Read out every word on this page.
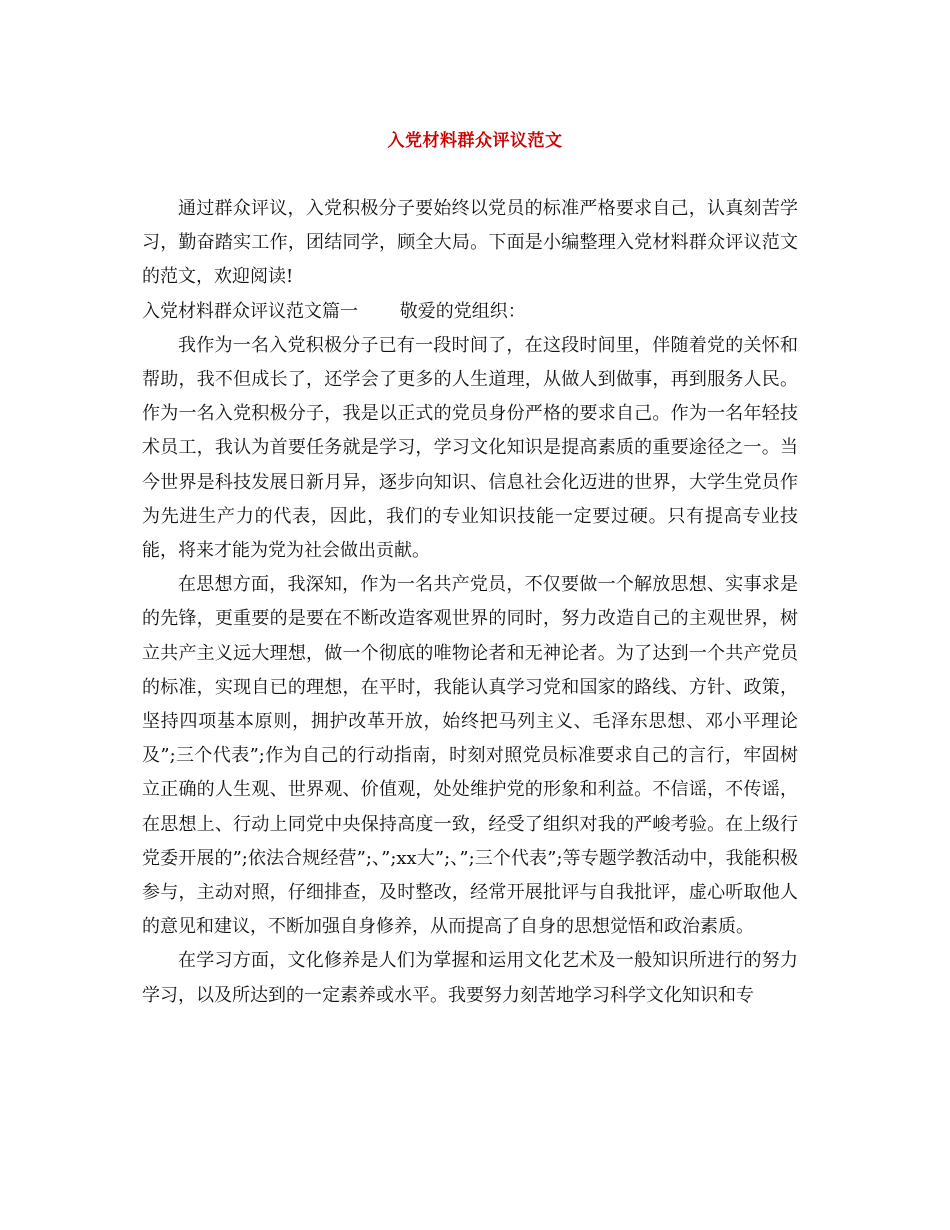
入党材料群众评议范文

通过群众评议，入党积极分子要始终以党员的标准严格要求自己，认真刻苦学习，勤奋踏实工作，团结同学，顾全大局。下面是小编整理入党材料群众评议范文的范文，欢迎阅读!

入党材料群众评议范文篇一　　 敬爱的党组织：

我作为一名入党积极分子已有一段时间了，在这段时间里，伴随着党的关怀和帮助，我不但成长了，还学会了更多的人生道理，从做人到做事，再到服务人民。作为一名入党积极分子，我是以正式的党员身份严格的要求自己。作为一名年轻技术员工，我认为首要任务就是学习，学习文化知识是提高素质的重要途径之一。当今世界是科技发展日新月异，逐步向知识、信息社会化迈进的世界，大学生党员作为先进生产力的代表，因此，我们的专业知识技能一定要过硬。只有提高专业技能，将来才能为党为社会做出贡献。

在思想方面，我深知，作为一名共产党员，不仅要做一个解放思想、实事求是的先锋，更重要的是要在不断改造客观世界的同时，努力改造自己的主观世界，树立共产主义远大理想，做一个彻底的唯物论者和无神论者。为了达到一个共产党员的标准，实现自已的理想，在平时，我能认真学习党和国家的路线、方针、政策，坚持四项基本原则，拥护改革开放，始终把马列主义、毛泽东思想、邓小平理论及”;三个代表”;作为自己的行动指南，时刻对照党员标准要求自己的言行，牢固树立正确的人生观、世界观、价值观，处处维护党的形象和利益。不信谣，不传谣，在思想上、行动上同党中央保持高度一致，经受了组织对我的严峻考验。在上级行党委开展的”;依法合规经营”;、”;xx大”;、”;三个代表”;等专题学教活动中，我能积极参与，主动对照，仔细排查，及时整改，经常开展批评与自我批评，虚心听取他人的意见和建议，不断加强自身修养，从而提高了自身的思想觉悟和政治素质。

在学习方面，文化修养是人们为掌握和运用文化艺术及一般知识所进行的努力学习，以及所达到的一定素养或水平。我要努力刻苦地学习科学文化知识和专
